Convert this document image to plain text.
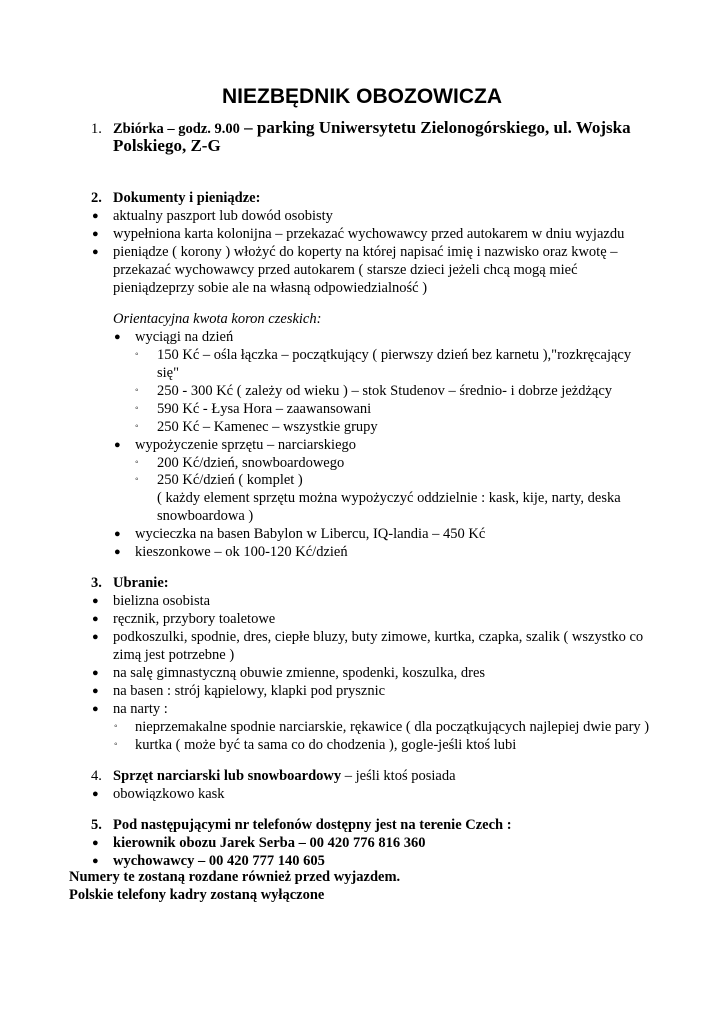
NIEZBĘDNIK OBOZOWICZA
1. Zbiórka – godz. 9.00 – parking Uniwersytetu Zielonogórskiego, ul. Wojska
Polskiego, Z-G
2. Dokumenty i pieniądze:
● aktualny paszport lub dowód osobisty
● wypełniona karta kolonijna – przekazać wychowawcy przed autokarem w dniu wyjazdu
● pieniądze ( korony ) włożyć do koperty na której napisać imię i nazwisko oraz kwotę –
przekazać wychowawcy przed autokarem ( starsze dzieci jeżeli chcą mogą mieć
pieniądzeprzy sobie ale na własną odpowiedzialność )
Orientacyjna kwota koron czeskich:
● wyciągi na dzień
◦ 150 Kć – ośla łączka – początkujący ( pierwszy dzień bez karnetu ),"rozkręcający
się"
◦ 250 - 300 Kć ( zależy od wieku ) – stok Studenov – średnio- i dobrze jeżdżący
◦ 590 Kć - Łysa Hora – zaawansowani
◦ 250 Kć – Kamenec – wszystkie grupy
● wypożyczenie sprzętu – narciarskiego
◦ 200 Kć/dzień, snowboardowego
◦ 250 Kć/dzień ( komplet )
( każdy element sprzętu można wypożyczyć oddzielnie : kask, kije, narty, deska
snowboardowa )
● wycieczka na basen Babylon w Libercu, IQ-landia – 450 Kć
● kieszonkowe – ok 100-120 Kć/dzień
3. Ubranie:
● bielizna osobista
● ręcznik, przybory toaletowe
● podkoszulki, spodnie, dres, ciepłe bluzy, buty zimowe, kurtka, czapka, szalik ( wszystko co
zimą jest potrzebne )
● na salę gimnastyczną obuwie zmienne, spodenki, koszulka, dres
● na basen : strój kąpielowy, klapki pod prysznic
● na narty :
◦ nieprzemakalne spodnie narciarskie, rękawice ( dla początkujących najlepiej dwie pary )
◦ kurtka ( może być ta sama co do chodzenia ), gogle-jeśli ktoś lubi
4. Sprzęt narciarski lub snowboardowy – jeśli ktoś posiada
● obowiązkowo kask
5. Pod następującymi nr telefonów dostępny jest na terenie Czech :
● kierownik obozu Jarek Serba – 00 420 776 816 360
● wychowawcy – 00 420 777 140 605
Numery te zostaną rozdane również przed wyjazdem.
Polskie telefony kadry zostaną wyłączone
